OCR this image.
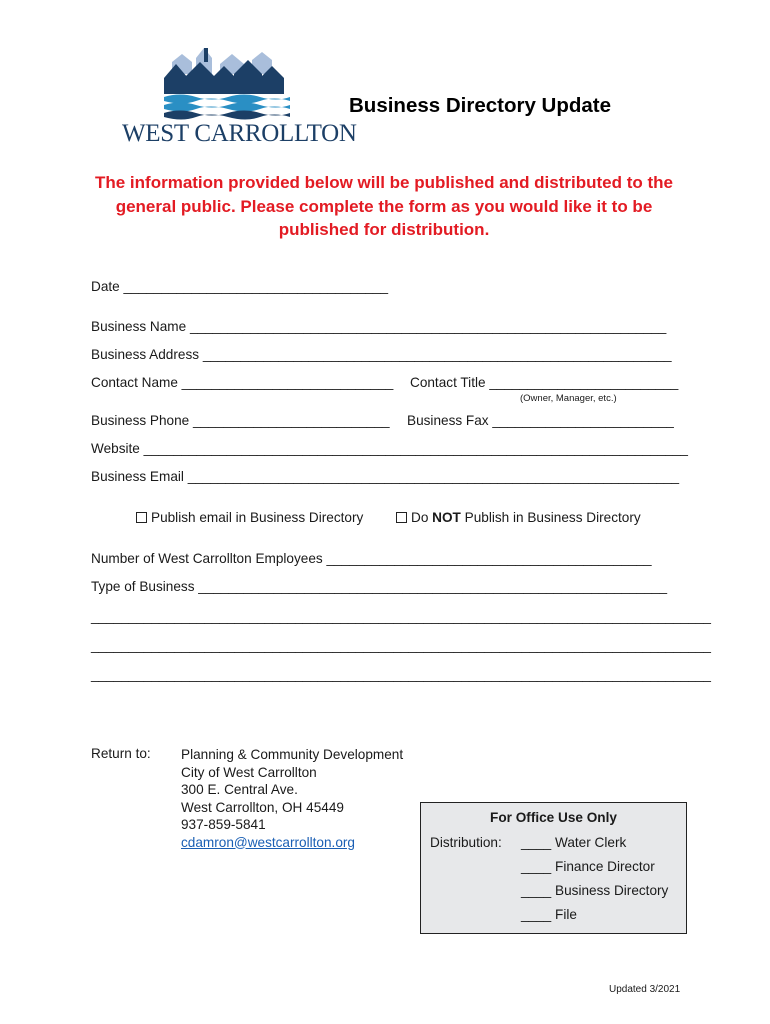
WEST CARROLLTON
Business Directory Update
The information provided below will be published and distributed to the general public. Please complete the form as you would like it to be published for distribution.
Date ___________________________________
Business Name _______________________________________________________________
Business Address ______________________________________________________________
Contact Name ____________________________ Contact Title _________________________
(Owner, Manager, etc.)
Business Phone __________________________ Business Fax ________________________
Website ________________________________________________________________________
Business Email _________________________________________________________________
Publish email in Business Directory	Do NOT Publish in Business Directory
Number of West Carrollton Employees ___________________________________________
Type of Business ______________________________________________________________
__________________________________________________________________________________
__________________________________________________________________________________
__________________________________________________________________________________
Return to: Planning & Community Development
City of West Carrollton
300 E. Central Ave.
West Carrollton, OH 45449
937-859-5841
cdamron@westcarrollton.org
For Office Use Only
Distribution: ____ Water Clerk
____ Finance Director
____ Business Directory
____ File
Updated 3/2021
